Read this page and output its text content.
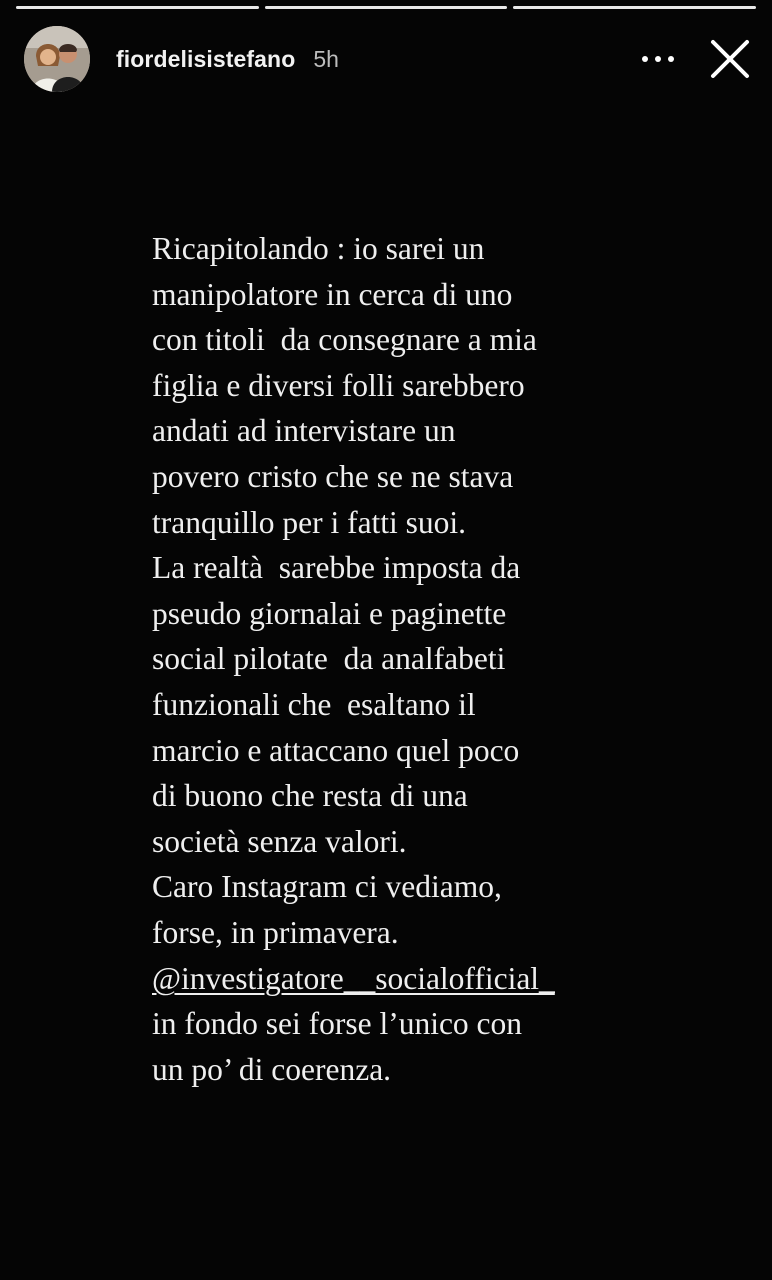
fiordelisistefano 5h
Ricapitolando : io sarei un
manipolatore in cerca di uno
con titoli  da consegnare a mia
figlia e diversi folli sarebbero
andati ad intervistare un
povero cristo che se ne stava
tranquillo per i fatti suoi.
La realtà  sarebbe imposta da
pseudo giornalai e paginette
social pilotate  da analfabeti
funzionali che  esaltano il
marcio e attaccano quel poco
di buono che resta di una
società senza valori.
Caro Instagram ci vediamo,
forse, in primavera.
@investigatore__socialofficial_
in fondo sei forse l’unico con
un po’ di coerenza.
